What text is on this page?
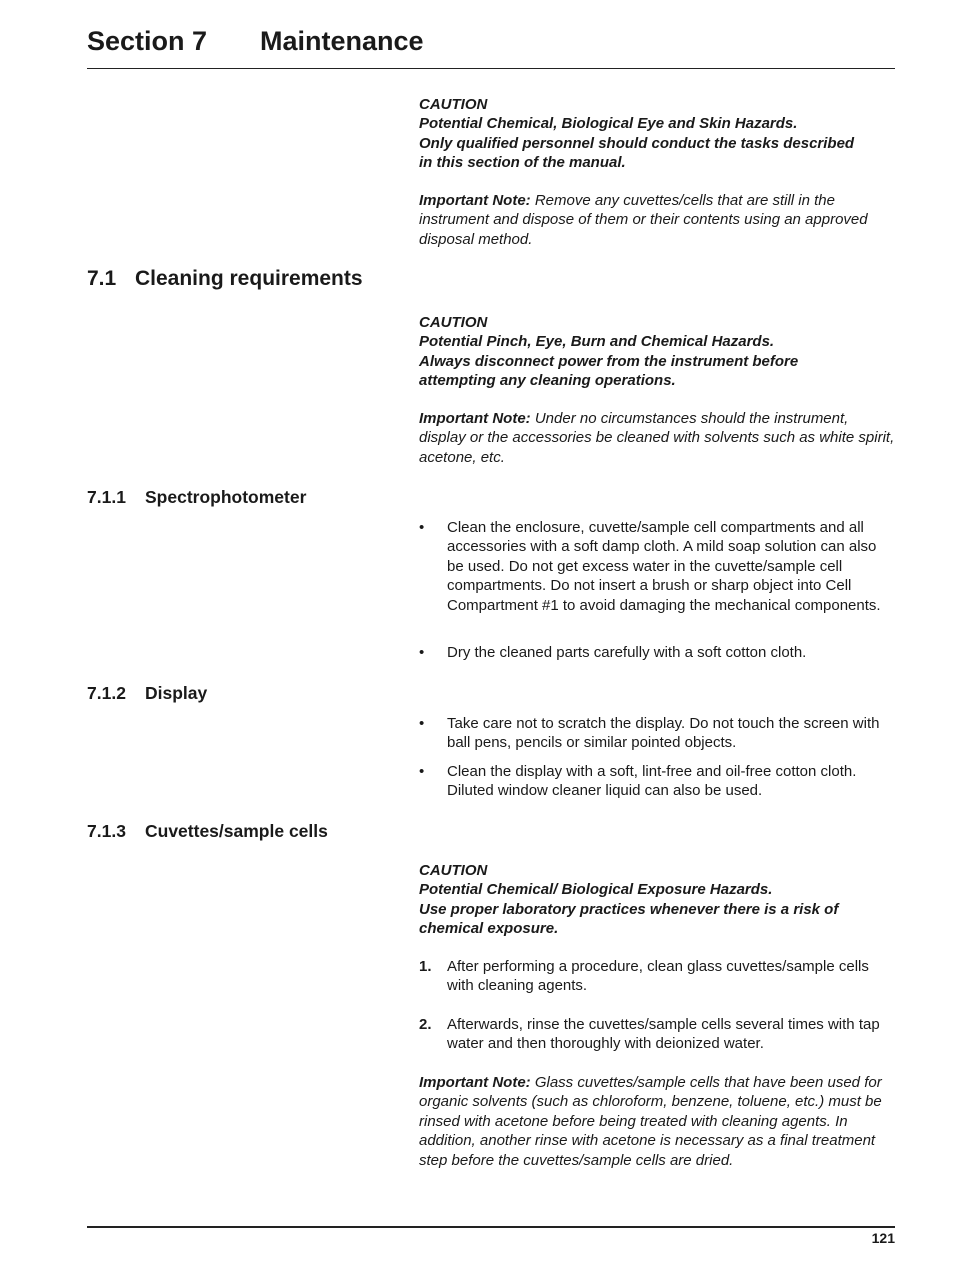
Section 7 Maintenance
CAUTION
Potential Chemical, Biological Eye and Skin Hazards.
Only qualified personnel should conduct the tasks described
in this section of the manual.
Important Note: Remove any cuvettes/cells that are still in the instrument and dispose of them or their contents using an approved disposal method.
7.1 Cleaning requirements
CAUTION
Potential Pinch, Eye, Burn and Chemical Hazards.
Always disconnect power from the instrument before
attempting any cleaning operations.
Important Note: Under no circumstances should the instrument, display or the accessories be cleaned with solvents such as white spirit, acetone, etc.
7.1.1 Spectrophotometer
•	Clean the enclosure, cuvette/sample cell compartments and all accessories with a soft damp cloth. A mild soap solution can also be used. Do not get excess water in the cuvette/sample cell compartments. Do not insert a brush or sharp object into Cell Compartment #1 to avoid damaging the mechanical components.
•	Dry the cleaned parts carefully with a soft cotton cloth.
7.1.2 Display
•	Take care not to scratch the display. Do not touch the screen with ball pens, pencils or similar pointed objects.
•	Clean the display with a soft, lint-free and oil-free cotton cloth. Diluted window cleaner liquid can also be used.
7.1.3 Cuvettes/sample cells
CAUTION
Potential Chemical/ Biological Exposure Hazards.
Use proper laboratory practices whenever there is a risk of
chemical exposure.
1.	After performing a procedure, clean glass cuvettes/sample cells with cleaning agents.
2.	Afterwards, rinse the cuvettes/sample cells several times with tap water and then thoroughly with deionized water.
Important Note: Glass cuvettes/sample cells that have been used for organic solvents (such as chloroform, benzene, toluene, etc.) must be rinsed with acetone before being treated with cleaning agents. In addition, another rinse with acetone is necessary as a final treatment step before the cuvettes/sample cells are dried.
121
